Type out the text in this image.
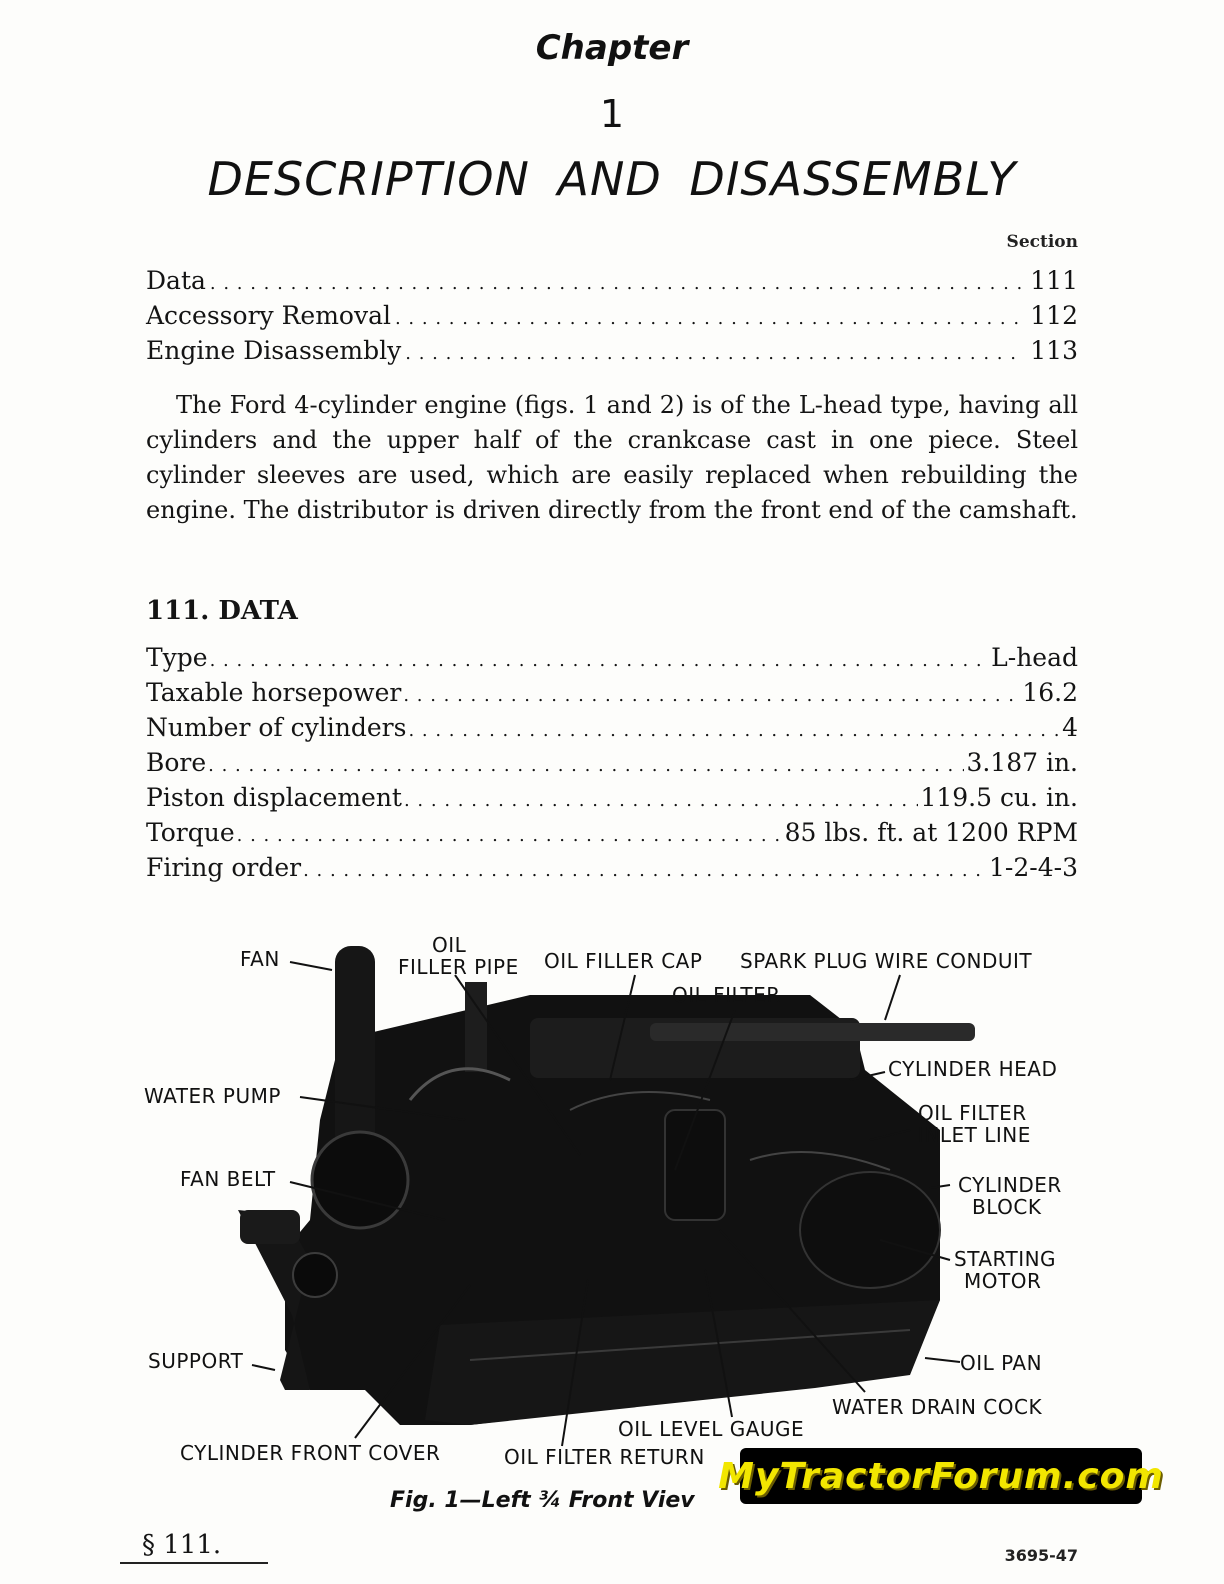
Chapter
1
DESCRIPTION AND DISASSEMBLY
Section
Data . . .	111
Accessory Removal . . .	112
Engine Disassembly . . .	113

The Ford 4-cylinder engine (figs. 1 and 2) is of the L-head type, having all cylinders and the upper half of the crankcase cast in one piece. Steel cylinder sleeves are used, which are easily replaced when rebuilding the engine. The distributor is driven directly from the front end of the camshaft.

111. DATA
Type . . .	L-head
Taxable horsepower . . .	16.2
Number of cylinders . . .	4
Bore . . .	3.187 in.
Piston displacement . . .	119.5 cu. in.
Torque . . .	85 lbs. ft. at 1200 RPM
Firing order . . .	1-2-4-3
FAN
OIL
FILLER PIPE OIL FILLER CAP SPARK PLUG WIRE CONDUIT
OIL FILTER
CYLINDER HEAD
WATER PUMP
OIL FILTER
INLET LINE
FAN BELT	CYLINDER
BLOCK
STARTING
MOTOR
SUPPORT	OIL PAN
WATER DRAIN COCK
OIL LEVEL GAUGE
CYLINDER FRONT COVER	OIL FILTER RETURN
Fig. 1—Left ¾ Front Viev
MyTractorForum.com
§ 111.	3695-47
